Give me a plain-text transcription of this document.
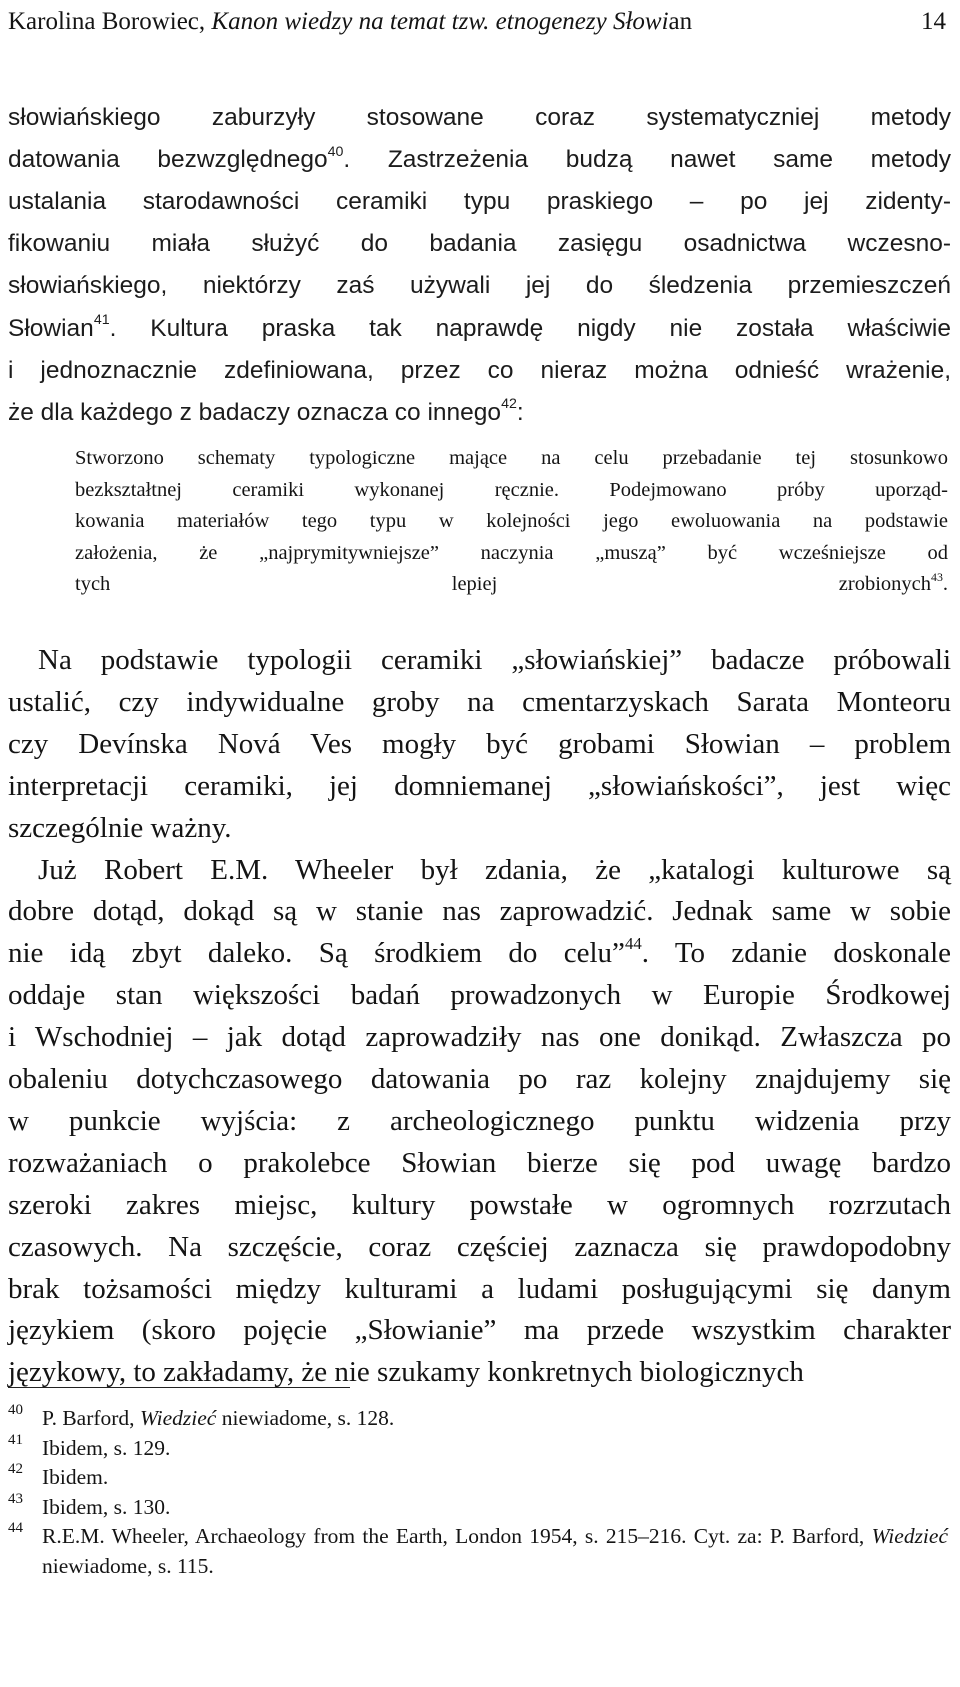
Karolina Borowiec, Kanon wiedzy na temat tzw. etnogenezy Słowian	14

słowiańskiego zaburzyły stosowane coraz systematyczniej metody

datowania bezwzględnego$^{40}$. Zastrzeżenia budzą nawet same metody

ustalania starodawności ceramiki typu praskiego – po jej zidenty-

fikowaniu miała służyć do badania zasięgu osadnictwa wczesno-

słowiańskiego, niektórzy zaś używali jej do śledzenia przemieszczeń

Słowian$^{41}$. Kultura praska tak naprawdę nigdy nie została właściwie

i jednoznacznie zdefiniowana, przez co nieraz można odnieść wrażenie,

że dla każdego z badaczy oznacza co innego$^{42}$:

Stworzono schematy typologiczne mające na celu przebadanie tej stosunkowo

bezkształtnej ceramiki wykonanej ręcznie. Podejmowano próby uporząd-

kowania materiałów tego typu w kolejności jego ewoluowania na podstawie

założenia, że „najprymitywniejsze” naczynia „muszą” być wcześniejsze od

tych lepiej zrobionych$^{43}$.

Na podstawie typologii ceramiki „słowiańskiej” badacze próbowali

ustalić, czy indywidualne groby na cmentarzyskach Sarata Monteoru

czy Devínska Nová Ves mogły być grobami Słowian – problem

interpretacji ceramiki, jej domniemanej „słowiańskości”, jest więc

szczególnie ważny.

Już Robert E.M. Wheeler był zdania, że „katalogi kulturowe są

dobre dotąd, dokąd są w stanie nas zaprowadzić. Jednak same w sobie

nie idą zbyt daleko. Są środkiem do celu”$^{44}$. To zdanie doskonale

oddaje stan większości badań prowadzonych w Europie Środkowej

i Wschodniej – jak dotąd zaprowadziły nas one donikąd. Zwłaszcza po

obaleniu dotychczasowego datowania po raz kolejny znajdujemy się

w punkcie wyjścia: z archeologicznego punktu widzenia przy

rozważaniach o prakolebce Słowian bierze się pod uwagę bardzo

szeroki zakres miejsc, kultury powstałe w ogromnych rozrzutach

czasowych. Na szczęście, coraz częściej zaznacza się prawdopodobny

brak tożsamości między kulturami a ludami posługującymi się danym

językiem (skoro pojęcie „Słowianie” ma przede wszystkim charakter

językowy, to zakładamy, że nie szukamy konkretnych biologicznych

40 P. Barford, Wiedzieć niewiadome, s. 128.
41 Ibidem, s. 129.
42 Ibidem.
43 Ibidem, s. 130.
44 R.E.M. Wheeler, Archaeology from the Earth, London 1954, s. 215–216. Cyt. za: P. Barford, Wiedzieć niewiadome, s. 115.
